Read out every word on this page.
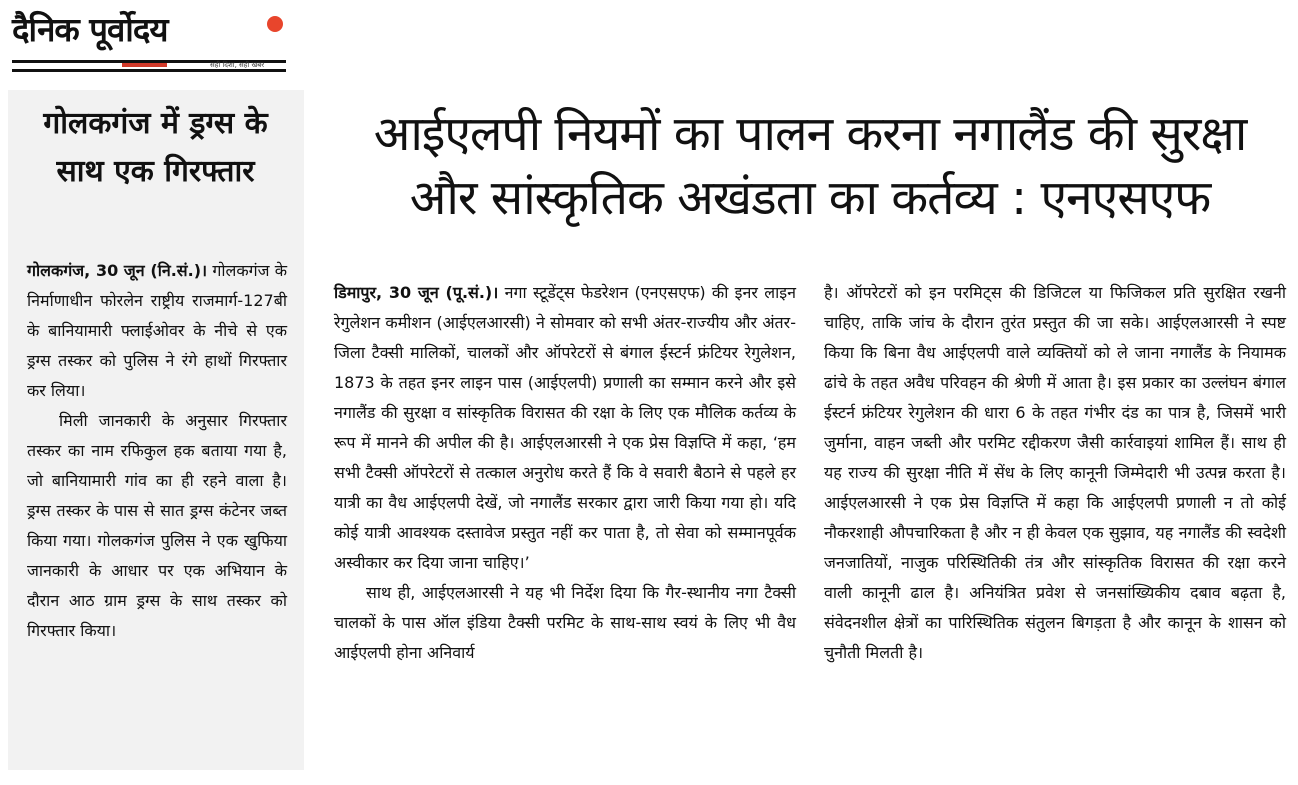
दैनिक पूर्वोदय
सही दिशा, सही खबर
गोलकगंज में ड्रग्स के साथ एक गिरफ्तार

गोलकगंज, 30 जून (नि.सं.)। गोलकगंज के निर्माणाधीन फोरलेन राष्ट्रीय राजमार्ग-127बी के बानियामारी फ्लाईओवर के नीचे से एक ड्रग्स तस्कर को पुलिस ने रंगे हाथों गिरफ्तार कर लिया।

मिली जानकारी के अनुसार गिरफ्तार तस्कर का नाम रफिकुल हक बताया गया है, जो बानियामारी गांव का ही रहने वाला है। ड्रग्स तस्कर के पास से सात ड्रग्स कंटेनर जब्त किया गया। गोलकगंज पुलिस ने एक खुफिया जानकारी के आधार पर एक अभियान के दौरान आठ ग्राम ड्रग्स के साथ तस्कर को गिरफ्तार किया।

आईएलपी नियमों का पालन करना नगालैंड की सुरक्षा
और सांस्कृतिक अखंडता का कर्तव्य : एनएसएफ

डिमापुर, 30 जून (पू.सं.)। नगा स्टूडेंट्स फेडरेशन (एनएसएफ) की इनर लाइन रेगुलेशन कमीशन (आईएलआरसी) ने सोमवार को सभी अंतर-राज्यीय और अंतर-जिला टैक्सी मालिकों, चालकों और ऑपरेटरों से बंगाल ईस्टर्न फ्रंटियर रेगुलेशन, 1873 के तहत इनर लाइन पास (आईएलपी) प्रणाली का सम्मान करने और इसे नगालैंड की सुरक्षा व सांस्कृतिक विरासत की रक्षा के लिए एक मौलिक कर्तव्य के रूप में मानने की अपील की है। आईएलआरसी ने एक प्रेस विज्ञप्ति में कहा, ‘हम सभी टैक्सी ऑपरेटरों से तत्काल अनुरोध करते हैं कि वे सवारी बैठाने से पहले हर यात्री का वैध आईएलपी देखें, जो नगालैंड सरकार द्वारा जारी किया गया हो। यदि कोई यात्री आवश्यक दस्तावेज प्रस्तुत नहीं कर पाता है, तो सेवा को सम्मानपूर्वक अस्वीकार कर दिया जाना चाहिए।’

साथ ही, आईएलआरसी ने यह भी निर्देश दिया कि गैर-स्थानीय नगा टैक्सी चालकों के पास ऑल इंडिया टैक्सी परमिट के साथ-साथ स्वयं के लिए भी वैध आईएलपी होना अनिवार्य

है। ऑपरेटरों को इन परमिट्स की डिजिटल या फिजिकल प्रति सुरक्षित रखनी चाहिए, ताकि जांच के दौरान तुरंत प्रस्तुत की जा सके। आईएलआरसी ने स्पष्ट किया कि बिना वैध आईएलपी वाले व्यक्तियों को ले जाना नगालैंड के नियामक ढांचे के तहत अवैध परिवहन की श्रेणी में आता है। इस प्रकार का उल्लंघन बंगाल ईस्टर्न फ्रंटियर रेगुलेशन की धारा 6 के तहत गंभीर दंड का पात्र है, जिसमें भारी जुर्माना, वाहन जब्ती और परमिट रद्दीकरण जैसी कार्रवाइयां शामिल हैं। साथ ही यह राज्य की सुरक्षा नीति में सेंध के लिए कानूनी जिम्मेदारी भी उत्पन्न करता है। आईएलआरसी ने एक प्रेस विज्ञप्ति में कहा कि आईएलपी प्रणाली न तो कोई नौकरशाही औपचारिकता है और न ही केवल एक सुझाव, यह नगालैंड की स्वदेशी जनजातियों, नाजुक परिस्थितिकी तंत्र और सांस्कृतिक विरासत की रक्षा करने वाली कानूनी ढाल है। अनियंत्रित प्रवेश से जनसांख्यिकीय दबाव बढ़ता है, संवेदनशील क्षेत्रों का पारिस्थितिक संतुलन बिगड़ता है और कानून के शासन को चुनौती मिलती है।
